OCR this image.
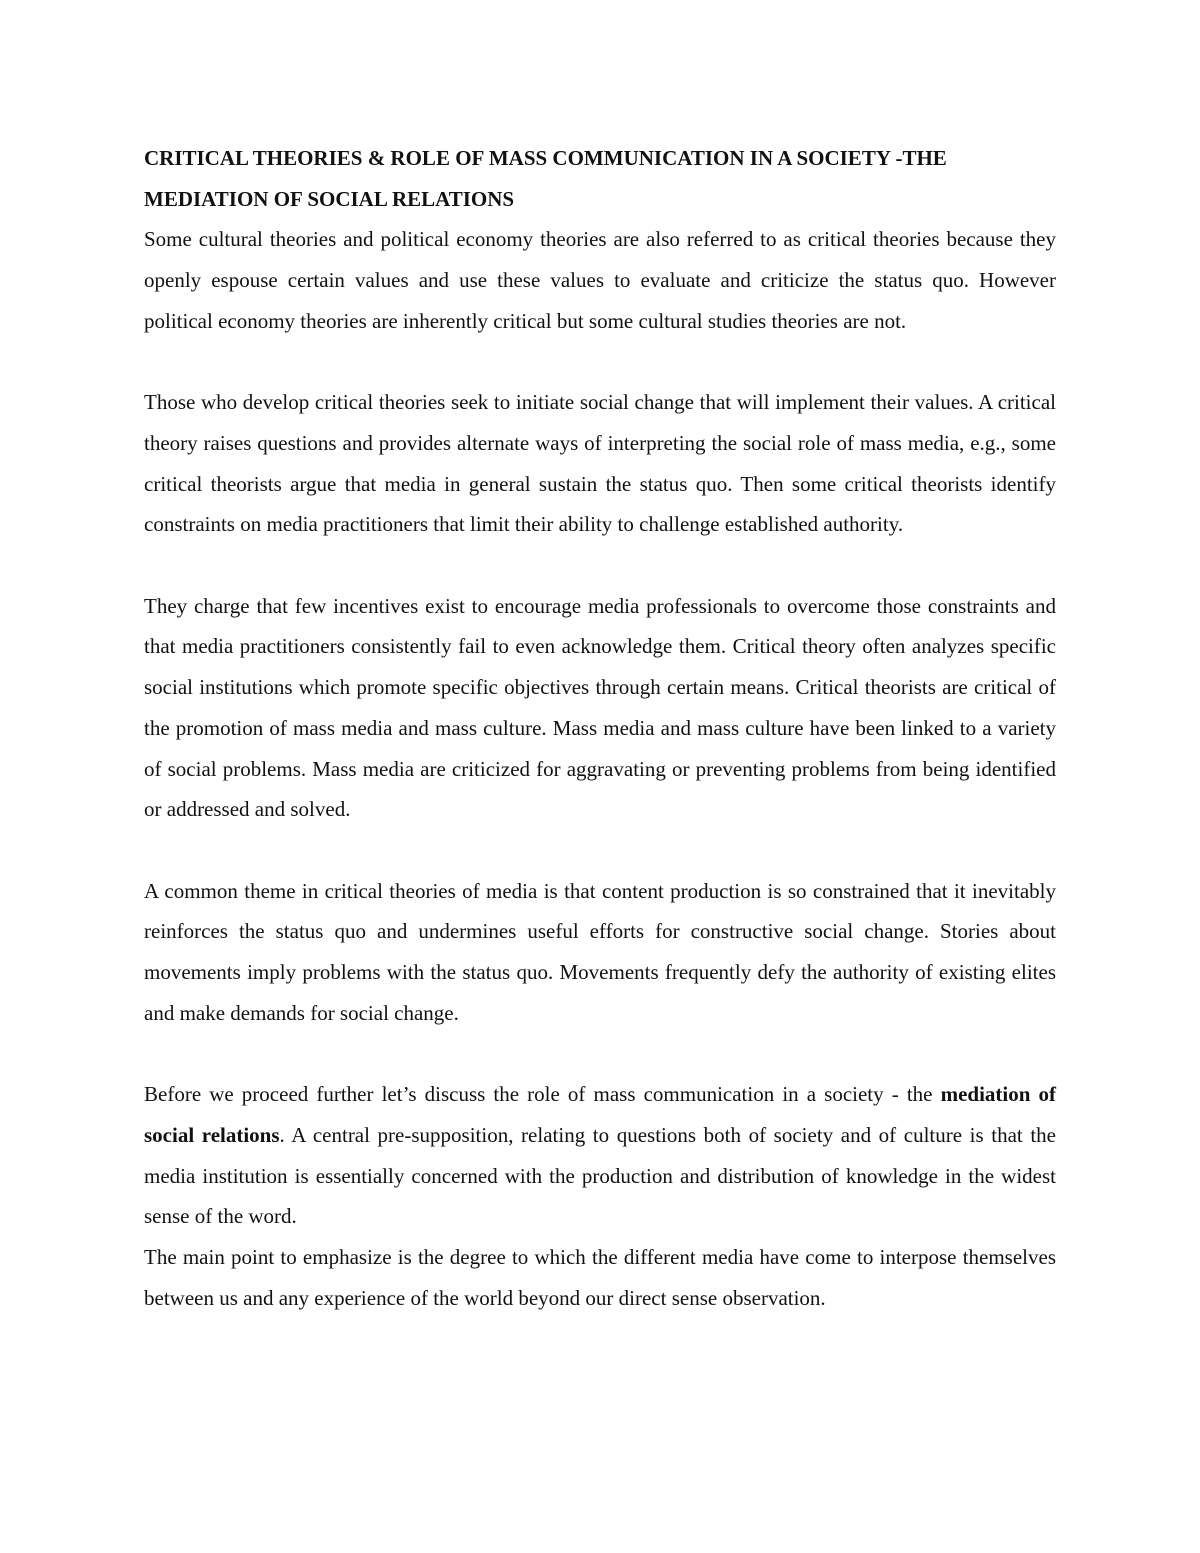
CRITICAL THEORIES & ROLE OF MASS COMMUNICATION IN A SOCIETY -THE MEDIATION OF SOCIAL RELATIONS

Some cultural theories and political economy theories are also referred to as critical theories because they openly espouse certain values and use these values to evaluate and criticize the status quo. However political economy theories are inherently critical but some cultural studies theories are not.

Those who develop critical theories seek to initiate social change that will implement their values. A critical theory raises questions and provides alternate ways of interpreting the social role of mass media, e.g., some critical theorists argue that media in general sustain the status quo. Then some critical theorists identify constraints on media practitioners that limit their ability to challenge established authority.

They charge that few incentives exist to encourage media professionals to overcome those constraints and that media practitioners consistently fail to even acknowledge them. Critical theory often analyzes specific social institutions which promote specific objectives through certain means. Critical theorists are critical of the promotion of mass media and mass culture. Mass media and mass culture have been linked to a variety of social problems. Mass media are criticized for aggravating or preventing problems from being identified or addressed and solved.

A common theme in critical theories of media is that content production is so constrained that it inevitably reinforces the status quo and undermines useful efforts for constructive social change. Stories about movements imply problems with the status quo. Movements frequently defy the authority of existing elites and make demands for social change.

Before we proceed further let’s discuss the role of mass communication in a society - the mediation of social relations. A central pre-supposition, relating to questions both of society and of culture is that the media institution is essentially concerned with the production and distribution of knowledge in the widest sense of the word.

The main point to emphasize is the degree to which the different media have come to interpose themselves between us and any experience of the world beyond our direct sense observation.
